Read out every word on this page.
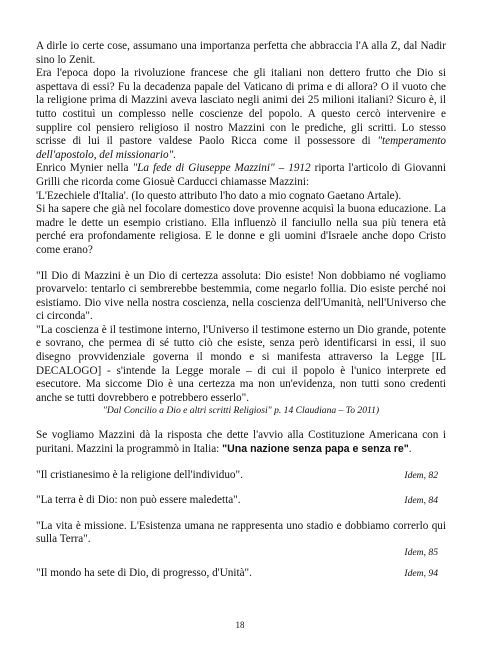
A dirle io certe cose, assumano una importanza perfetta che abbraccia l'A alla Z, dal Nadir sino lo Zenit.

Era l'epoca dopo la rivoluzione francese che gli italiani non dettero frutto che Dio si aspettava di essi? Fu la decadenza papale del Vaticano di prima e di allora? O il vuoto che la religione prima di Mazzini aveva lasciato negli animi dei 25 milioni italiani? Sicuro è, il tutto costituì un complesso nelle coscienze del popolo. A questo cercò intervenire e supplire col pensiero religioso il nostro Mazzini con le prediche, gli scritti. Lo stesso scrisse di lui il pastore valdese Paolo Ricca come il possessore di "temperamento dell'apostolo, del missionario".

Enrico Mynier nella "La fede di Giuseppe Mazzini" – 1912 riporta l'articolo di Giovanni Grilli che ricorda come Giosuè Carducci chiamasse Mazzini:

'L'Ezechiele d'Italia'. (Io questo attributo l'ho dato a mio cognato Gaetano Artale).

Si ha sapere che già nel focolare domestico dove provenne acquisì la buona educazione. La madre le dette un esempio cristiano. Ella influenzò il fanciullo nella sua più tenera età perché era profondamente religiosa. E le donne e gli uomini d'Israele anche dopo Cristo come erano?

"Il Dio di Mazzini è un Dio di certezza assoluta: Dio esiste! Non dobbiamo né vogliamo provarvelo: tentarlo ci sembrerebbe bestemmia, come negarlo follia. Dio esiste perché noi esistiamo. Dio vive nella nostra coscienza, nella coscienza dell'Umanità, nell'Universo che ci circonda".

"La coscienza è il testimone interno, l'Universo il testimone esterno un Dio grande, potente e sovrano, che permea di sé tutto ciò che esiste, senza però identificarsi in essi, il suo disegno provvidenziale governa il mondo e si manifesta attraverso la Legge [IL DECALOGO] - s'intende la Legge morale – di cui il popolo è l'unico interprete ed esecutore. Ma siccome Dio è una certezza ma non un'evidenza, non tutti sono credenti anche se tutti dovrebbero e potrebbero esserlo".

"Dal Concilio a Dio e altri scritti Religiosi" p. 14 Claudiana – To 2011)

Se vogliamo Mazzini dà la risposta che dette l'avvio alla Costituzione Americana con i puritani. Mazzini la programmò in Italia: "Una nazione senza papa e senza re".

"Il cristianesimo è la religione dell'individuo".	Idem, 82

"La terra è di Dio: non può essere maledetta".	Idem, 84

"La vita è missione. L'Esistenza umana ne rappresenta uno stadio e dobbiamo correrlo qui sulla Terra".

Idem, 85

"Il mondo ha sete di Dio, di progresso, d'Unità".	Idem, 94
18
